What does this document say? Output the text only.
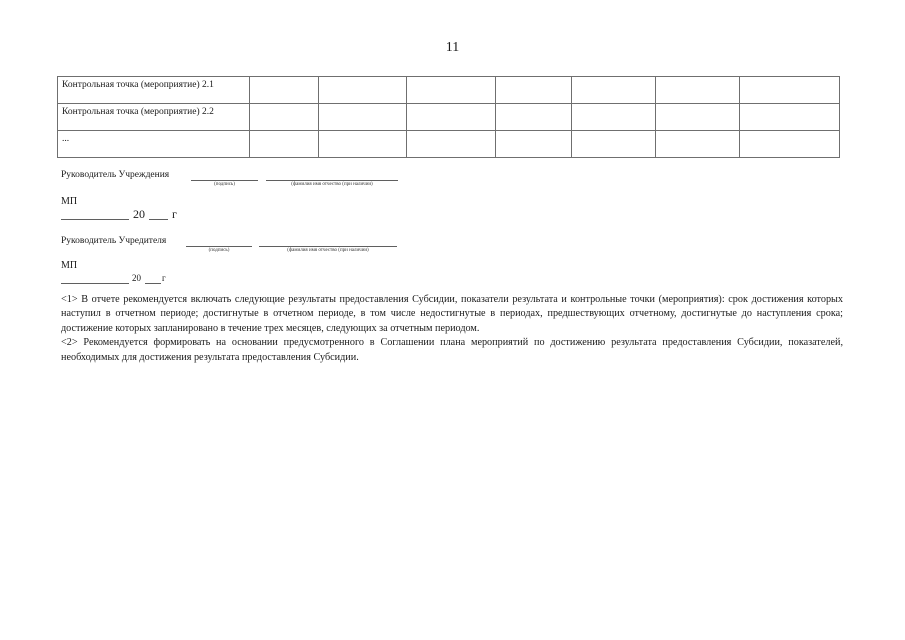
11
Контрольная точка (мероприятие) 2.1							

Контрольная точка (мероприятие) 2.2							

...							

Руководитель Учреждения
(подпись)	(фамилия имя отчество (при наличии)
МП
20 г
Руководитель Учредителя
(подпись)	(фамилия имя отчество (при наличии)
МП
20 г

<1> В отчете рекомендуется включать следующие результаты предоставления Субсидии, показатели результата и контрольные точки (мероприятия): срок достижения которых наступил в отчетном периоде; достигнутые в отчетном периоде, в том числе недостигнутые в периодах, предшествующих отчетному, достигнутые до наступления срока; достижение которых запланировано в течение трех месяцев, следующих за отчетным периодом.

<2> Рекомендуется формировать на основании предусмотренного в Соглашении плана мероприятий по достижению результата предоставления Субсидии, показателей, необходимых для достижения результата предоставления Субсидии.
